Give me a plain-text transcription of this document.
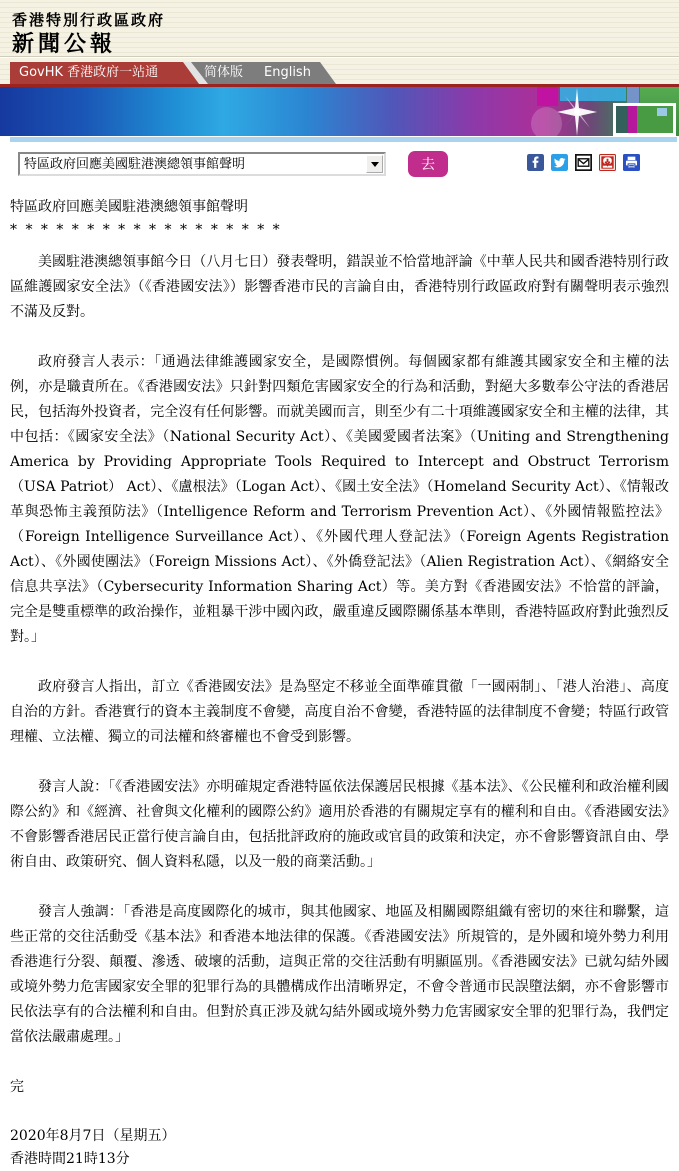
香港特別行政區政府
新聞公報
GovHK 香港政府一站通	简体版 English
特區政府回應美國駐港澳總領事館聲明	去
特區政府回應美國駐港澳總領事館聲明
* * * * * * * * * * * * * * * * * *

美國駐港澳總領事館今日（八月七日）發表聲明，錯誤並不恰當地評論《中華人民共和國香港特別行政區維護國家安全法》（《香港國安法》）影響香港市民的言論自由，香港特別行政區政府對有關聲明表示強烈不滿及反對。

政府發言人表示：「通過法律維護國家安全，是國際慣例。每個國家都有維護其國家安全和主權的法例，亦是職責所在。《香港國安法》只針對四類危害國家安全的行為和活動，對絕大多數奉公守法的香港居民，包括海外投資者，完全沒有任何影響。而就美國而言，則至少有二十項維護國家安全和主權的法律，其中包括：《國家安全法》（National Security Act）、《美國愛國者法案》（Uniting and Strengthening America by Providing Appropriate Tools Required to Intercept and Obstruct Terrorism （USA Patriot） Act）、《盧根法》（Logan Act）、《國土安全法》（Homeland Security Act）、《情報改革與恐怖主義預防法》（Intelligence Reform and Terrorism Prevention Act）、《外國情報監控法》（Foreign Intelligence Surveillance Act）、《外國代理人登記法》（Foreign Agents Registration Act）、《外國使團法》（Foreign Missions Act）、《外僑登記法》（Alien Registration Act）、《網絡安全信息共享法》（Cybersecurity Information Sharing Act）等。美方對《香港國安法》不恰當的評論，完全是雙重標準的政治操作，並粗暴干涉中國內政，嚴重違反國際關係基本準則，香港特區政府對此強烈反對。」

政府發言人指出，訂立《香港國安法》是為堅定不移並全面準確貫徹「一國兩制」、「港人治港」、高度自治的方針。香港實行的資本主義制度不會變，高度自治不會變，香港特區的法律制度不會變；特區行政管理權、立法權、獨立的司法權和終審權也不會受到影響。

發言人說：「《香港國安法》亦明確規定香港特區依法保護居民根據《基本法》、《公民權利和政治權利國際公約》和《經濟、社會與文化權利的國際公約》適用於香港的有關規定享有的權利和自由。《香港國安法》不會影響香港居民正當行使言論自由，包括批評政府的施政或官員的政策和決定，亦不會影響資訊自由、學術自由、政策研究、個人資料私隱，以及一般的商業活動。」

發言人強調：「香港是高度國際化的城市，與其他國家、地區及相關國際組織有密切的來往和聯繫，這些正常的交往活動受《基本法》和香港本地法律的保護。《香港國安法》所規管的，是外國和境外勢力利用香港進行分裂、顛覆、滲透、破壞的活動，這與正常的交往活動有明顯區別。《香港國安法》已就勾結外國或境外勢力危害國家安全罪的犯罪行為的具體構成作出清晰界定，不會令普通市民誤墮法網，亦不會影響市民依法享有的合法權利和自由。但對於真正涉及就勾結外國或境外勢力危害國家安全罪的犯罪行為，我們定當依法嚴肅處理。」

完
2020年8月7日（星期五）
香港時間21時13分
